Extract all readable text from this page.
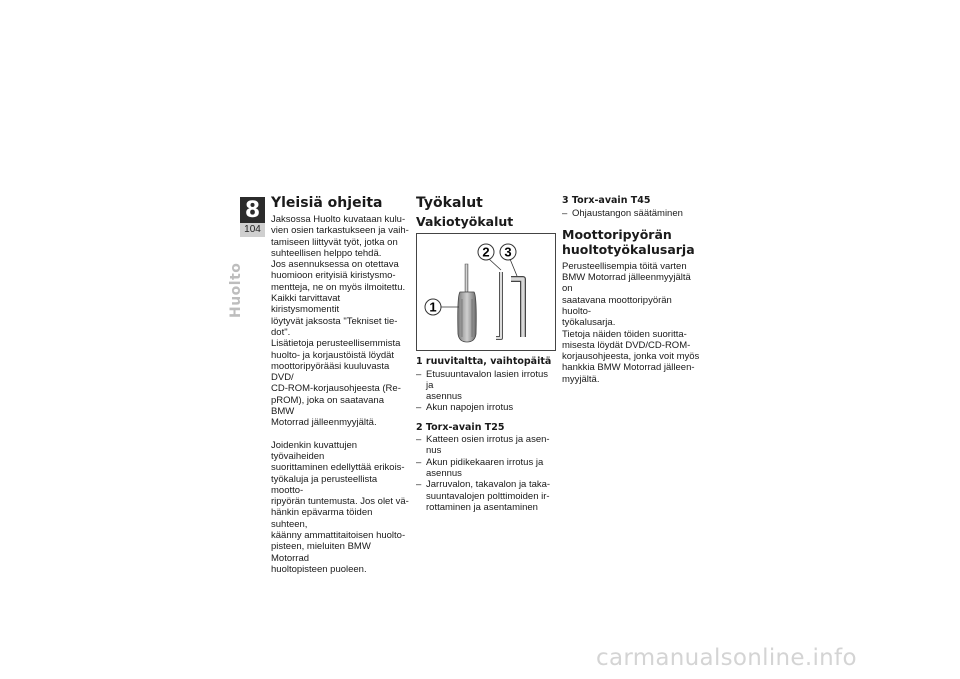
8
104
Huolto
Yleisiä ohjeita

Jaksossa Huolto kuvataan kulu-
vien osien tarkastukseen ja vaih-
tamiseen liittyvät työt, jotka on
suhteellisen helppo tehdä.
Jos asennuksessa on otettava
huomioon erityisiä kiristysmo-
menttejа, ne on myös ilmoitettu.
Kaikki tarvittavat kiristysmomentit
löytyvät jaksosta "Tekniset tie-
dot".
Lisätietoja perusteellisemmista
huolto- ja korjaustöistä löydät
moottoripyörääsi kuuluvasta DVD/
CD-ROM-korjausohjeesta (Re-
pROM), joka on saatavana BMW
Motorrad jälleenmyyjältä.

Joidenkin kuvattujen työvaiheiden
suorittaminen edellyttää erikois-
työkaluja ja perusteellista mootto-
ripyörän tuntemusta. Jos olet vä-
hänkin epävarma töiden suhteen,
käänny ammattitaitoisen huolto-
pisteen, mieluiten BMW Motorrad
huoltopisteen puoleen.

Työkalut
Vakiotyökalut
1
2 3
1 ruuvitaltta, vaihtopäitä
– Etusuuntavalon lasien irrotus ja
asennus
– Akun napojen irrotus
2 Torx-avain T25
– Katteen osien irrotus ja asen-
nus
– Akun pidikekaaren irrotus ja
asennus
– Jarruvalon, takavalon ja taka-
suuntavalojen polttimoiden ir-
rottaminen ja asentaminen
3 Torx-avain T45
– Ohjaustangon säätäminen
Moottoripyörän
huoltotyökalusarja

Perusteellisempia töitä varten
BMW Motorrad jälleenmyyjältä on
saatavana moottoripyörän huolto-
työkalusarja.
Tietoja näiden töiden suoritta-
misesta löydät DVD/CD-ROM-
korjausohjeesta, jonka voit myös
hankkia BMW Motorrad jälleen-
myyjältä.

carmanualsonline.info
